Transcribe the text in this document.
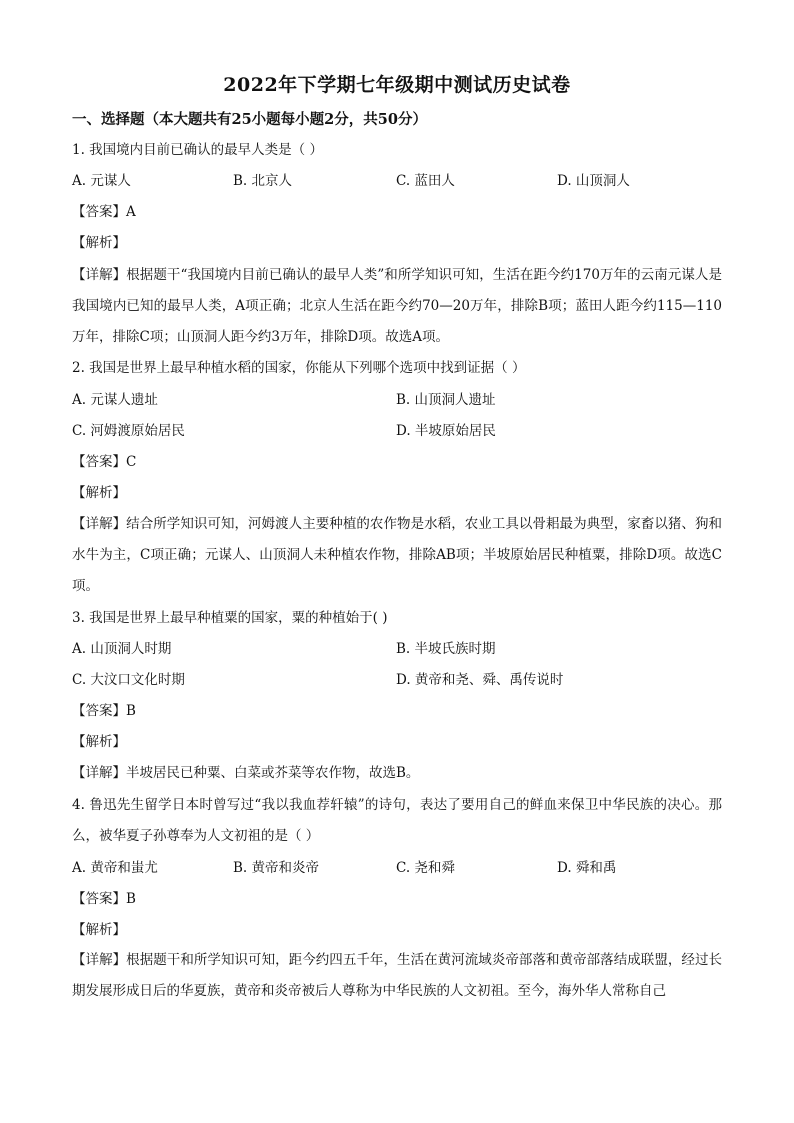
2022年下学期七年级期中测试历史试卷
一、选择题（本大题共有25小题每小题2分，共50分）
1. 我国境内目前已确认的最早人类是（ ）
A. 元谋人	B. 北京人	C. 蓝田人	D. 山顶洞人
【答案】A
【解析】
【详解】根据题干“我国境内目前已确认的最早人类”和所学知识可知，生活在距今约170万年的云南元谋人是我国境内已知的最早人类，A项正确；北京人生活在距今约70—20万年，排除B项；蓝田人距今约115—110万年，排除C项；山顶洞人距今约3万年，排除D项。故选A项。
2. 我国是世界上最早种植水稻的国家，你能从下列哪个选项中找到证据（ ）
A. 元谋人遗址	B. 山顶洞人遗址
C. 河姆渡原始居民	D. 半坡原始居民
【答案】C
【解析】
【详解】结合所学知识可知，河姆渡人主要种植的农作物是水稻，农业工具以骨耜最为典型，家畜以猪、狗和水牛为主，C项正确；元谋人、山顶洞人未种植农作物，排除AB项；半坡原始居民种植粟，排除D项。故选C项。
3. 我国是世界上最早种植粟的国家，粟的种植始于( )
A. 山顶洞人时期	B. 半坡氏族时期
C. 大汶口文化时期	D. 黄帝和尧、舜、禹传说时
【答案】B
【解析】
【详解】半坡居民已种粟、白菜或芥菜等农作物，故选B。
4. 鲁迅先生留学日本时曾写过“我以我血荐轩辕”的诗句，表达了要用自己的鲜血来保卫中华民族的决心。那么，被华夏子孙尊奉为人文初祖的是（ ）
A. 黄帝和蚩尤	B. 黄帝和炎帝	C. 尧和舜	D. 舜和禹
【答案】B
【解析】
【详解】根据题干和所学知识可知，距今约四五千年，生活在黄河流域炎帝部落和黄帝部落结成联盟，经过长期发展形成日后的华夏族，黄帝和炎帝被后人尊称为中华民族的人文初祖。至今，海外华人常称自己
